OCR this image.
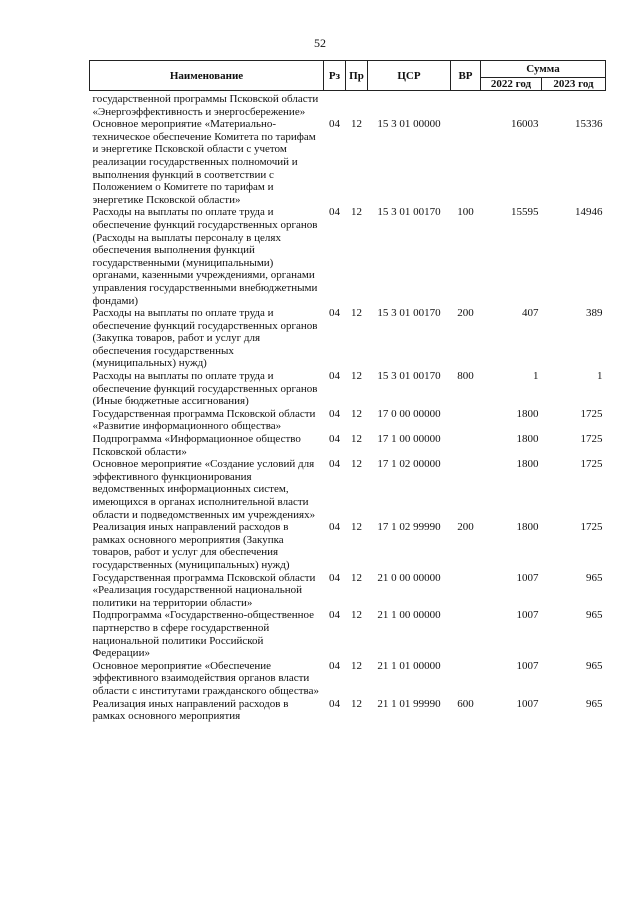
52
Наименование	Рз	Пр	ЦСР	ВР	Сумма	
					2022 год	2023 год
государственной программы Псковской области «Энергоэффективность и энергосбережение»						
Основное мероприятие «Материально-техническое обеспечение Комитета по тарифам и энергетике Псковской области с учетом реализации государственных полномочий и выполнения функций в соответствии с Положением о Комитете по тарифам и энергетике Псковской области»	04	12	15 3 01 00000		16003	15336
Расходы на выплаты по оплате труда и обеспечение функций государственных органов (Расходы на выплаты персоналу в целях обеспечения выполнения функций государственными (муниципальными) органами, казенными учреждениями, органами управления государственными внебюджетными фондами)	04	12	15 3 01 00170	100	15595	14946
Расходы на выплаты по оплате труда и обеспечение функций государственных органов (Закупка товаров, работ и услуг для обеспечения государственных (муниципальных) нужд)	04	12	15 3 01 00170	200	407	389
Расходы на выплаты по оплате труда и обеспечение функций государственных органов (Иные бюджетные ассигнования)	04	12	15 3 01 00170	800	1	1
Государственная программа Псковской области «Развитие информационного общества»	04	12	17 0 00 00000		1800	1725
Подпрограмма «Информационное общество Псковской области»	04	12	17 1 00 00000		1800	1725
Основное мероприятие «Создание условий для эффективного функционирования ведомственных информационных систем, имеющихся в органах исполнительной власти области и подведомственных им учреждениях»	04	12	17 1 02 00000		1800	1725
Реализация иных направлений расходов в рамках основного мероприятия (Закупка товаров, работ и услуг для обеспечения государственных (муниципальных) нужд)	04	12	17 1 02 99990	200	1800	1725
Государственная программа Псковской области «Реализация государственной национальной политики на территории области»	04	12	21 0 00 00000		1007	965
Подпрограмма «Государственно-общественное партнерство в сфере государственной национальной политики Российской Федерации»	04	12	21 1 00 00000		1007	965
Основное мероприятие «Обеспечение эффективного взаимодействия органов власти области с институтами гражданского общества»	04	12	21 1 01 00000		1007	965
Реализация иных направлений расходов в рамках основного мероприятия	04	12	21 1 01 99990	600	1007	965
